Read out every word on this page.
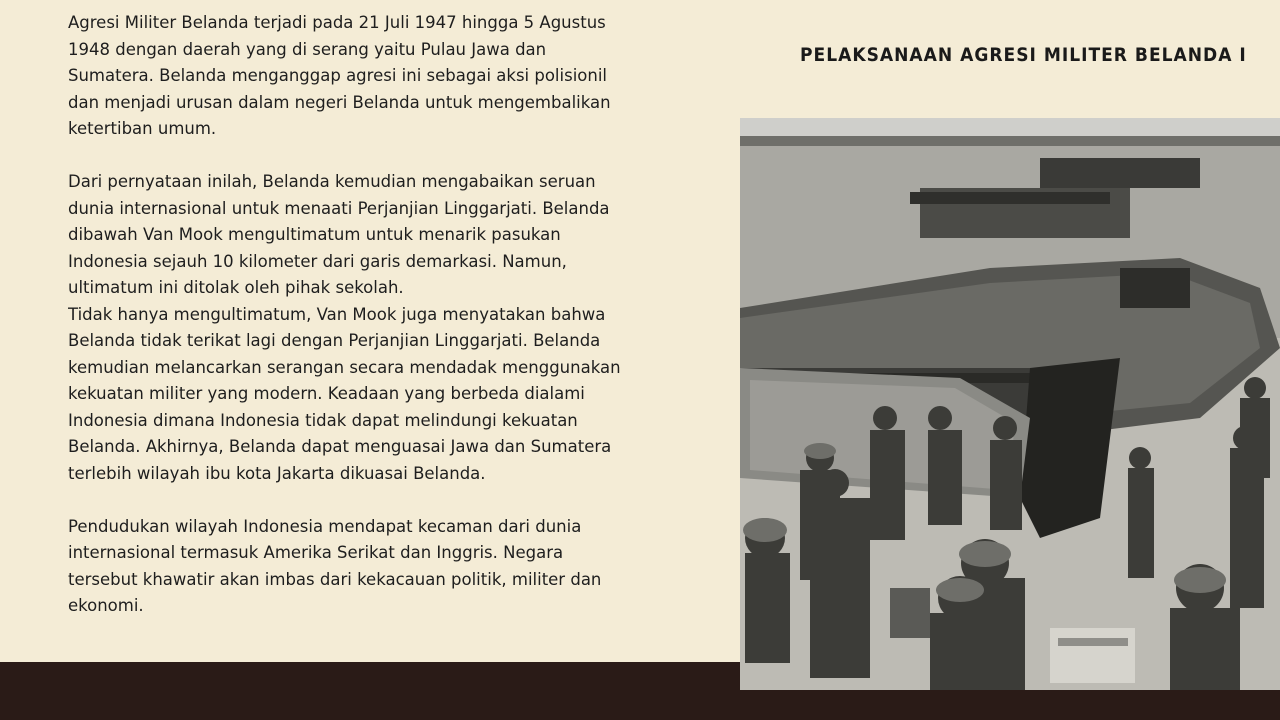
Agresi Militer Belanda terjadi pada 21 Juli 1947 hingga 5 Agustus 1948 dengan daerah yang di serang yaitu Pulau Jawa dan Sumatera. Belanda menganggap agresi ini sebagai aksi polisionil dan menjadi urusan dalam negeri Belanda untuk mengembalikan ketertiban umum.

Dari pernyataan inilah, Belanda kemudian mengabaikan seruan dunia internasional untuk menaati Perjanjian Linggarjati. Belanda dibawah Van Mook mengultimatum untuk menarik pasukan Indonesia sejauh 10 kilometer dari garis demarkasi. Namun, ultimatum ini ditolak oleh pihak sekolah.

Tidak hanya mengultimatum, Van Mook juga menyatakan bahwa Belanda tidak terikat lagi dengan Perjanjian Linggarjati. Belanda kemudian melancarkan serangan secara mendadak menggunakan kekuatan militer yang modern. Keadaan yang berbeda dialami Indonesia dimana Indonesia tidak dapat melindungi kekuatan Belanda. Akhirnya, Belanda dapat menguasai Jawa dan Sumatera terlebih wilayah ibu kota Jakarta dikuasai Belanda.

Pendudukan wilayah Indonesia mendapat kecaman dari dunia internasional termasuk Amerika Serikat dan Inggris. Negara tersebut khawatir akan imbas dari kekacauan politik, militer dan ekonomi.

PELAKSANAAN AGRESI MILITER BELANDA I
